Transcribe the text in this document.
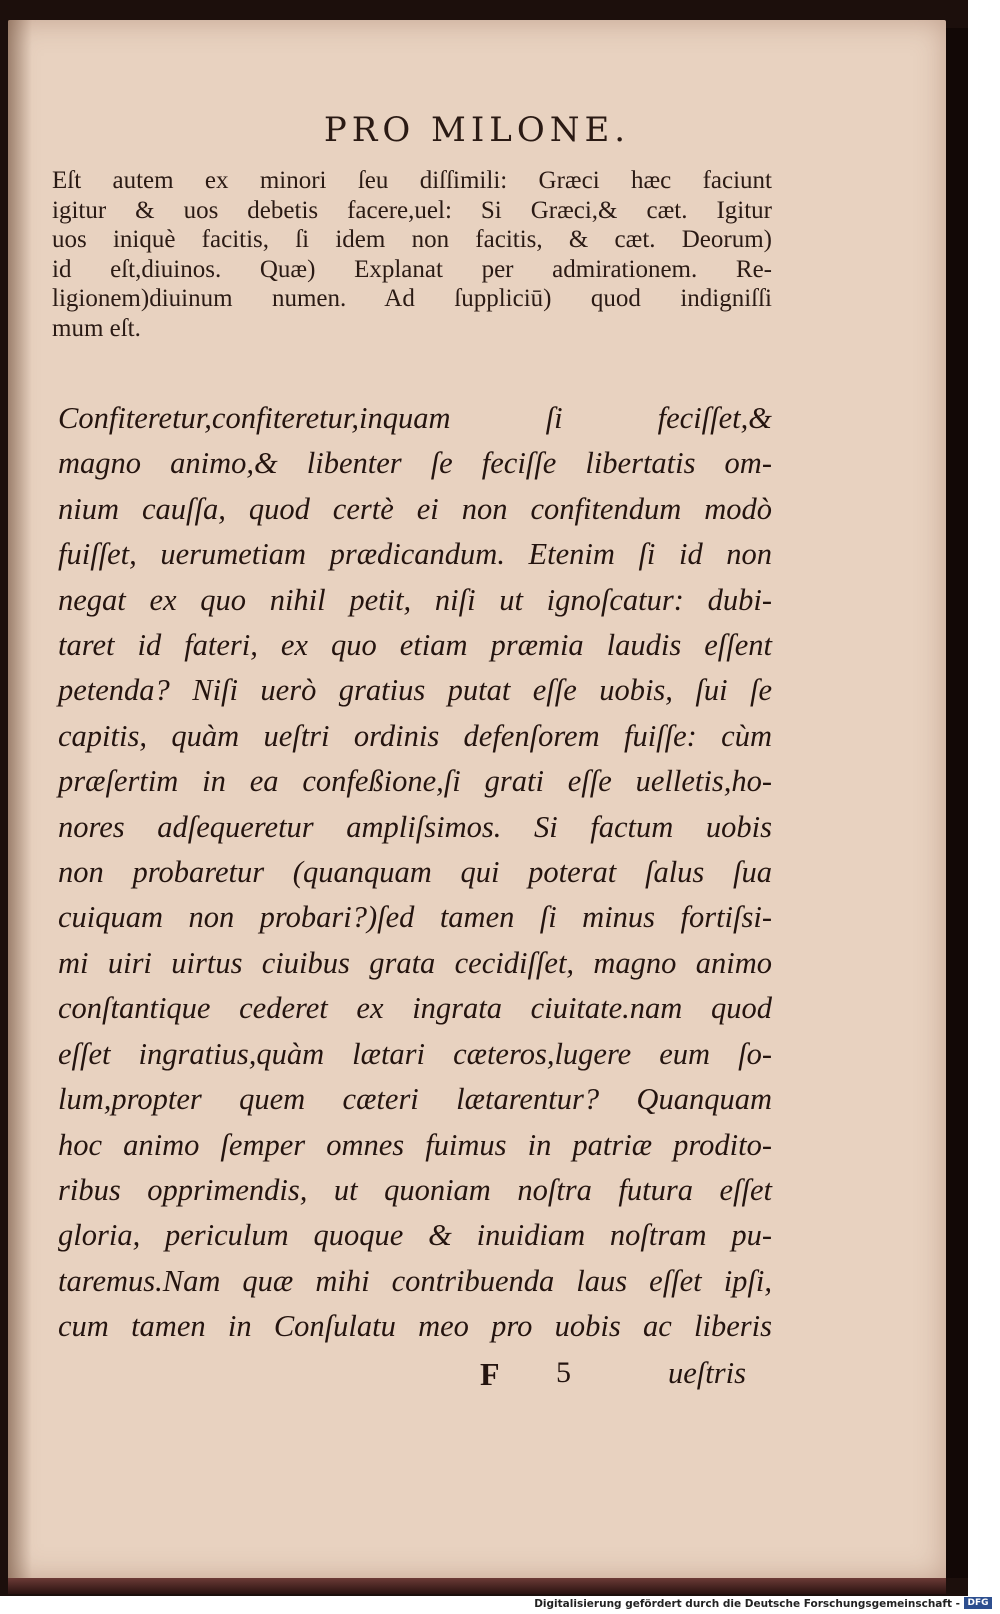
PRO MILONE.
Eſt autem ex minori ſeu diſſimili: Græci hæc faciunt
igitur & uos debetis facere,uel: Si Græci,& cæt. Igitur
uos iniquè facitis, ſi idem non facitis, & cæt. Deorum)
id eſt,diuinos. Quæ) Explanat per admirationem. Re-
ligionem)diuinum numen. Ad ſuppliciū) quod indigniſſi
mum eſt.
Confiteretur,confiteretur,inquam ſi feciſſet,&
magno animo,& libenter ſe feciſſe libertatis om-
nium cauſſa, quod certè ei non confitendum modò
fuiſſet, uerumetiam prædicandum. Etenim ſi id non
negat ex quo nihil petit, niſi ut ignoſcatur: dubi-
taret id fateri, ex quo etiam præmia laudis eſſent
petenda? Niſi uerò gratius putat eſſe uobis, ſui ſe
capitis, quàm ueſtri ordinis defenſorem fuiſſe: cùm
præſertim in ea confeßione,ſi grati eſſe uelletis,ho-
nores adſequeretur ampliſsimos. Si factum uobis
non probaretur (quanquam qui poterat ſalus ſua
cuiquam non probari?)ſed tamen ſi minus fortiſsi-
mi uiri uirtus ciuibus grata cecidiſſet, magno animo
conſtantique cederet ex ingrata ciuitate.nam quod
eſſet ingratius,quàm lætari cæteros,lugere eum ſo-
lum,propter quem cæteri lætarentur? Quanquam
hoc animo ſemper omnes fuimus in patriæ prodito-
ribus opprimendis, ut quoniam noſtra futura eſſet
gloria, periculum quoque & inuidiam noſtram pu-
taremus.Nam quæ mihi contribuenda laus eſſet ipſi,
cum tamen in Conſulatu meo pro uobis ac liberis
F 5	ueſtris
Digitalisierung gefördert durch die Deutsche Forschungsgemeinschaft - DFG
